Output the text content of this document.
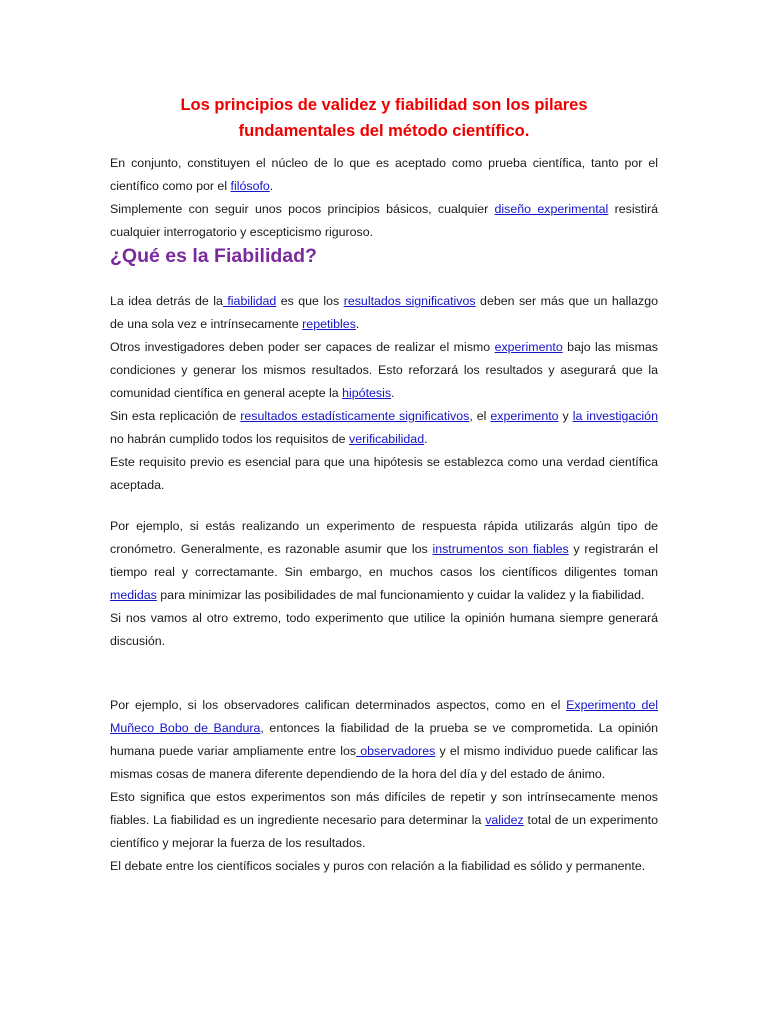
Los principios de validez y fiabilidad son los pilares
fundamentales del método científico.
En conjunto, constituyen el núcleo de lo que es aceptado como prueba científica, tanto por el científico como por el filósofo.
Simplemente con seguir unos pocos principios básicos, cualquier diseño experimental resistirá cualquier interrogatorio y escepticismo riguroso.
¿Qué es la Fiabilidad?
La idea detrás de la fiabilidad es que los resultados significativos deben ser más que un hallazgo de una sola vez e intrínsecamente repetibles.
Otros investigadores deben poder ser capaces de realizar el mismo experimento bajo las mismas condiciones y generar los mismos resultados. Esto reforzará los resultados y asegurará que la comunidad científica en general acepte la hipótesis.
Sin esta replicación de resultados estadísticamente significativos, el experimento y la investigación no habrán cumplido todos los requisitos de verificabilidad.
Este requisito previo es esencial para que una hipótesis se establezca como una verdad científica aceptada.
Por ejemplo, si estás realizando un experimento de respuesta rápida utilizarás algún tipo de cronómetro. Generalmente, es razonable asumir que los instrumentos son fiables y registrarán el tiempo real y correctamante. Sin embargo, en muchos casos los científicos diligentes toman medidas para minimizar las posibilidades de mal funcionamiento y cuidar la validez y la fiabilidad.
Si nos vamos al otro extremo, todo experimento que utilice la opinión humana siempre generará discusión.
Por ejemplo, si los observadores califican determinados aspectos, como en el Experimento del Muñeco Bobo de Bandura, entonces la fiabilidad de la prueba se ve comprometida. La opinión humana puede variar ampliamente entre los observadores y el mismo individuo puede calificar las mismas cosas de manera diferente dependiendo de la hora del día y del estado de ánimo.
Esto significa que estos experimentos son más difíciles de repetir y son intrínsecamente menos fiables. La fiabilidad es un ingrediente necesario para determinar la validez total de un experimento científico y mejorar la fuerza de los resultados.
El debate entre los científicos sociales y puros con relación a la fiabilidad es sólido y permanente.
